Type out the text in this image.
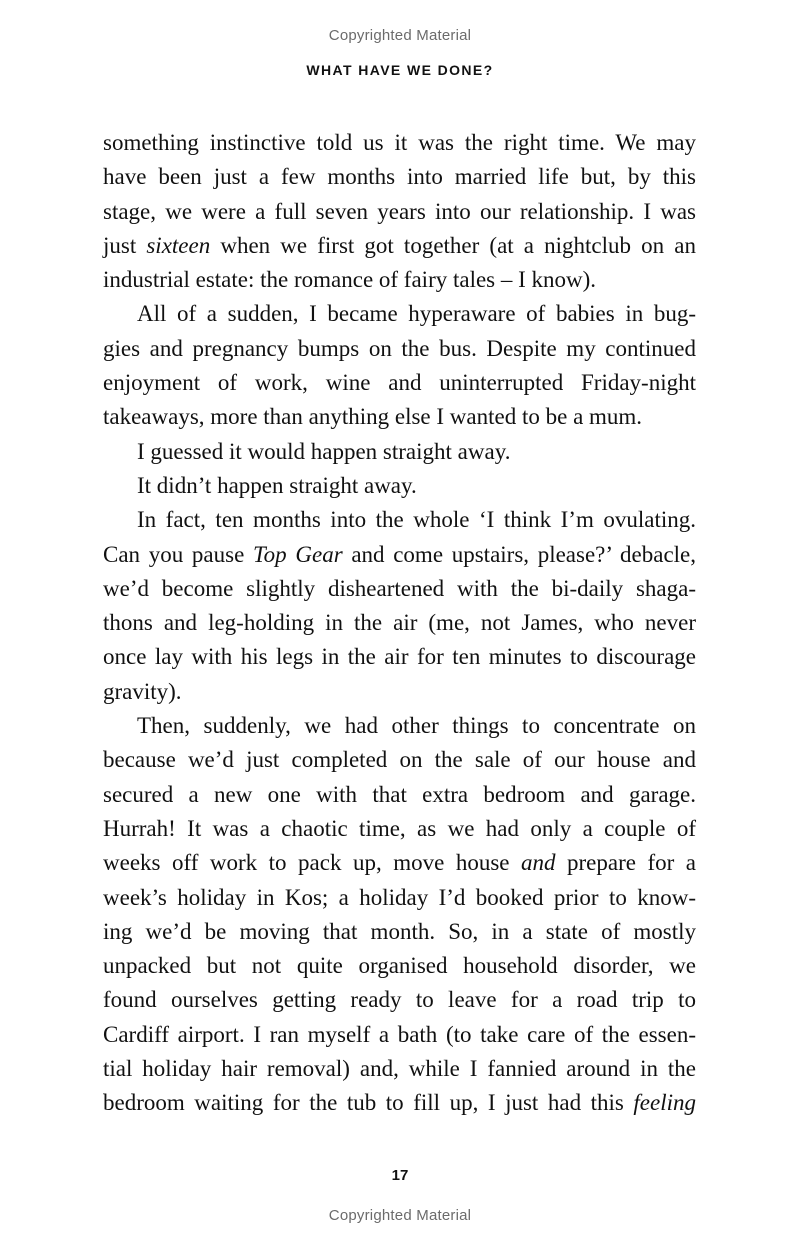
Copyrighted Material
WHAT HAVE WE DONE?
something instinctive told us it was the right time. We may
have been just a few months into married life but, by this
stage, we were a full seven years into our relationship. I was
just sixteen when we first got together (at a nightclub on an
industrial estate: the romance of fairy tales – I know).
All of a sudden, I became hyperaware of babies in bug-
gies and pregnancy bumps on the bus. Despite my continued
enjoyment of work, wine and uninterrupted Friday-night
takeaways, more than anything else I wanted to be a mum.
I guessed it would happen straight away.
It didn’t happen straight away.
In fact, ten months into the whole ‘I think I’m ovulating.
Can you pause Top Gear and come upstairs, please?’ debacle,
we’d become slightly disheartened with the bi-daily shaga-
thons and leg-holding in the air (me, not James, who never
once lay with his legs in the air for ten minutes to discourage
gravity).
Then, suddenly, we had other things to concentrate on
because we’d just completed on the sale of our house and
secured a new one with that extra bedroom and garage.
Hurrah! It was a chaotic time, as we had only a couple of
weeks off work to pack up, move house and prepare for a
week’s holiday in Kos; a holiday I’d booked prior to know-
ing we’d be moving that month. So, in a state of mostly
unpacked but not quite organised household disorder, we
found ourselves getting ready to leave for a road trip to
Cardiff airport. I ran myself a bath (to take care of the essen-
tial holiday hair removal) and, while I fannied around in the
bedroom waiting for the tub to fill up, I just had this feeling
17
Copyrighted Material
